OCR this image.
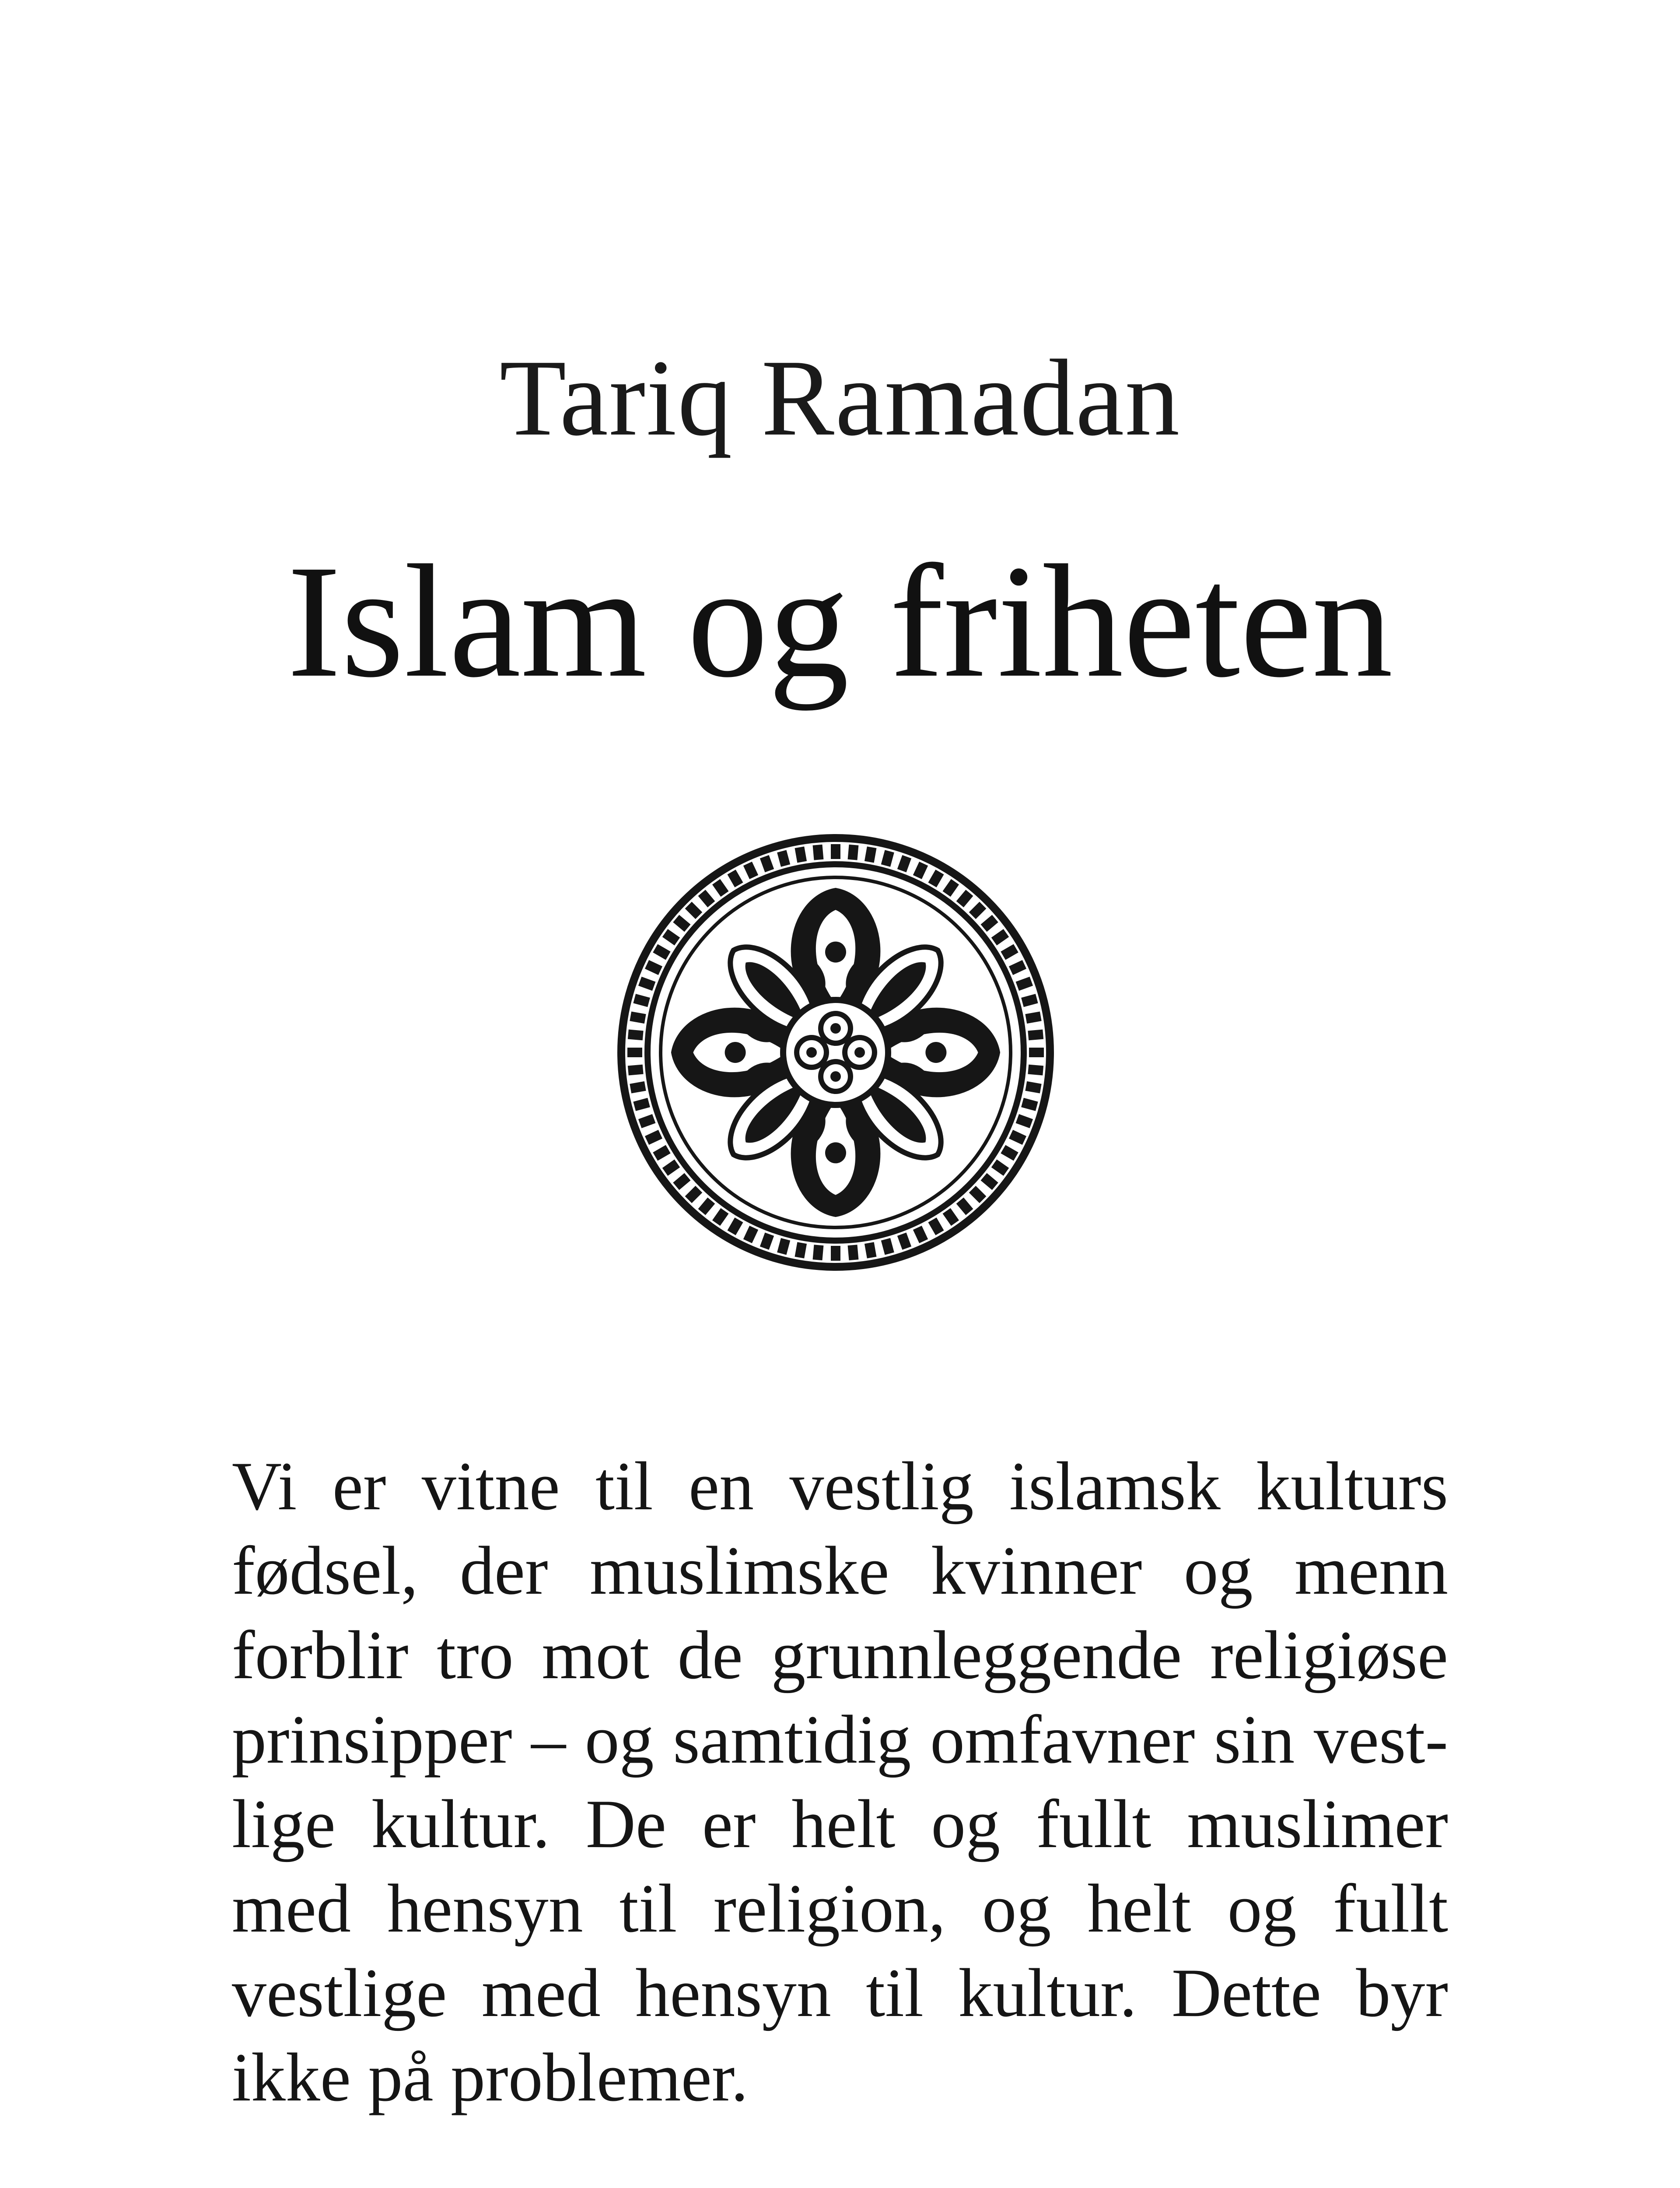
Tariq Ramadan
Islam og friheten
Vi er vitne til en vestlig islamsk kulturs
fødsel, der muslimske kvinner og menn
forblir tro mot de grunnleggende religiøse
prinsipper – og samtidig omfavner sin vest-
lige kultur. De er helt og fullt muslimer
med hensyn til religion, og helt og fullt
vestlige med hensyn til kultur. Dette byr
ikke på problemer.
